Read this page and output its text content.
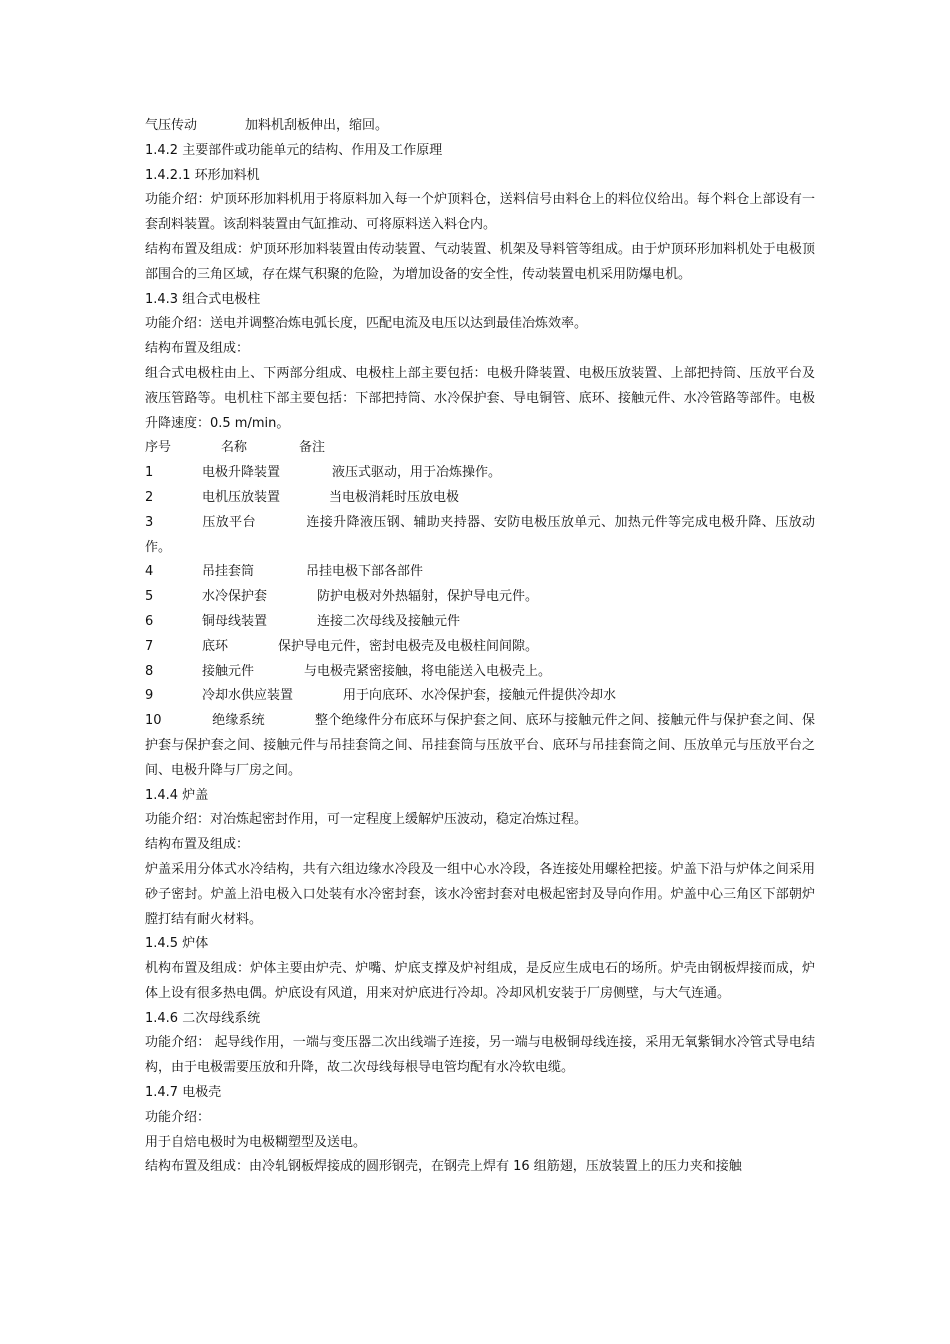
气压传动	加料机刮板伸出，缩回。

1.4.2 主要部件或功能单元的结构、作用及工作原理

1.4.2.1 环形加料机

功能介绍：炉顶环形加料机用于将原料加入每一个炉顶料仓，送料信号由料仓上的料位仪给出。每个料仓上部设有一套刮料装置。该刮料装置由气缸推动、可将原料送入料仓内。

结构布置及组成：炉顶环形加料装置由传动装置、气动装置、机架及导料管等组成。由于炉顶环形加料机处于电极顶部围合的三角区域，存在煤气积聚的危险，为增加设备的安全性，传动装置电机采用防爆电机。

1.4.3 组合式电极柱

功能介绍：送电并调整冶炼电弧长度，匹配电流及电压以达到最佳冶炼效率。

结构布置及组成：

组合式电极柱由上、下两部分组成、电极柱上部主要包括：电极升降装置、电极压放装置、上部把持筒、压放平台及液压管路等。电机柱下部主要包括：下部把持筒、水冷保护套、导电铜管、底环、接触元件、水冷管路等部件。电极升降速度：0.5 m/min。

序号	名称	备注

1	电极升降装置	液压式驱动，用于冶炼操作。

2	电机压放装置	当电极消耗时压放电极

3	压放平台	连接升降液压钢、辅助夹持器、安防电极压放单元、加热元件等完成电极升降、压放动作。

4	吊挂套筒	吊挂电极下部各部件

5	水冷保护套	防护电极对外热辐射，保护导电元件。

6	铜母线装置	连接二次母线及接触元件

7	底环	保护导电元件，密封电极壳及电极柱间间隙。

8	接触元件	与电极壳紧密接触，将电能送入电极壳上。

9	冷却水供应装置	用于向底环、水冷保护套，接触元件提供冷却水

10	绝缘系统	整个绝缘件分布底环与保护套之间、底环与接触元件之间、接触元件与保护套之间、保护套与保护套之间、接触元件与吊挂套筒之间、吊挂套筒与压放平台、底环与吊挂套筒之间、压放单元与压放平台之间、电极升降与厂房之间。

1.4.4 炉盖

功能介绍：对冶炼起密封作用，可一定程度上缓解炉压波动，稳定冶炼过程。

结构布置及组成：

炉盖采用分体式水冷结构，共有六组边缘水冷段及一组中心水冷段，各连接处用螺栓把接。炉盖下沿与炉体之间采用砂子密封。炉盖上沿电极入口处装有水冷密封套，该水冷密封套对电极起密封及导向作用。炉盖中心三角区下部朝炉膛打结有耐火材料。

1.4.5 炉体

机构布置及组成：炉体主要由炉壳、炉嘴、炉底支撑及炉衬组成，是反应生成电石的场所。炉壳由钢板焊接而成，炉体上设有很多热电偶。炉底设有风道，用来对炉底进行冷却。冷却风机安装于厂房侧壁，与大气连通。

1.4.6 二次母线系统

功能介绍： 起导线作用，一端与变压器二次出线端子连接，另一端与电极铜母线连接，采用无氧紫铜水冷管式导电结构，由于电极需要压放和升降，故二次母线每根导电管均配有水冷软电缆。

1.4.7 电极壳

功能介绍：

用于自焙电极时为电极糊塑型及送电。

结构布置及组成：由冷轧钢板焊接成的圆形钢壳，在钢壳上焊有 16 组筋翅，压放装置上的压力夹和接触
